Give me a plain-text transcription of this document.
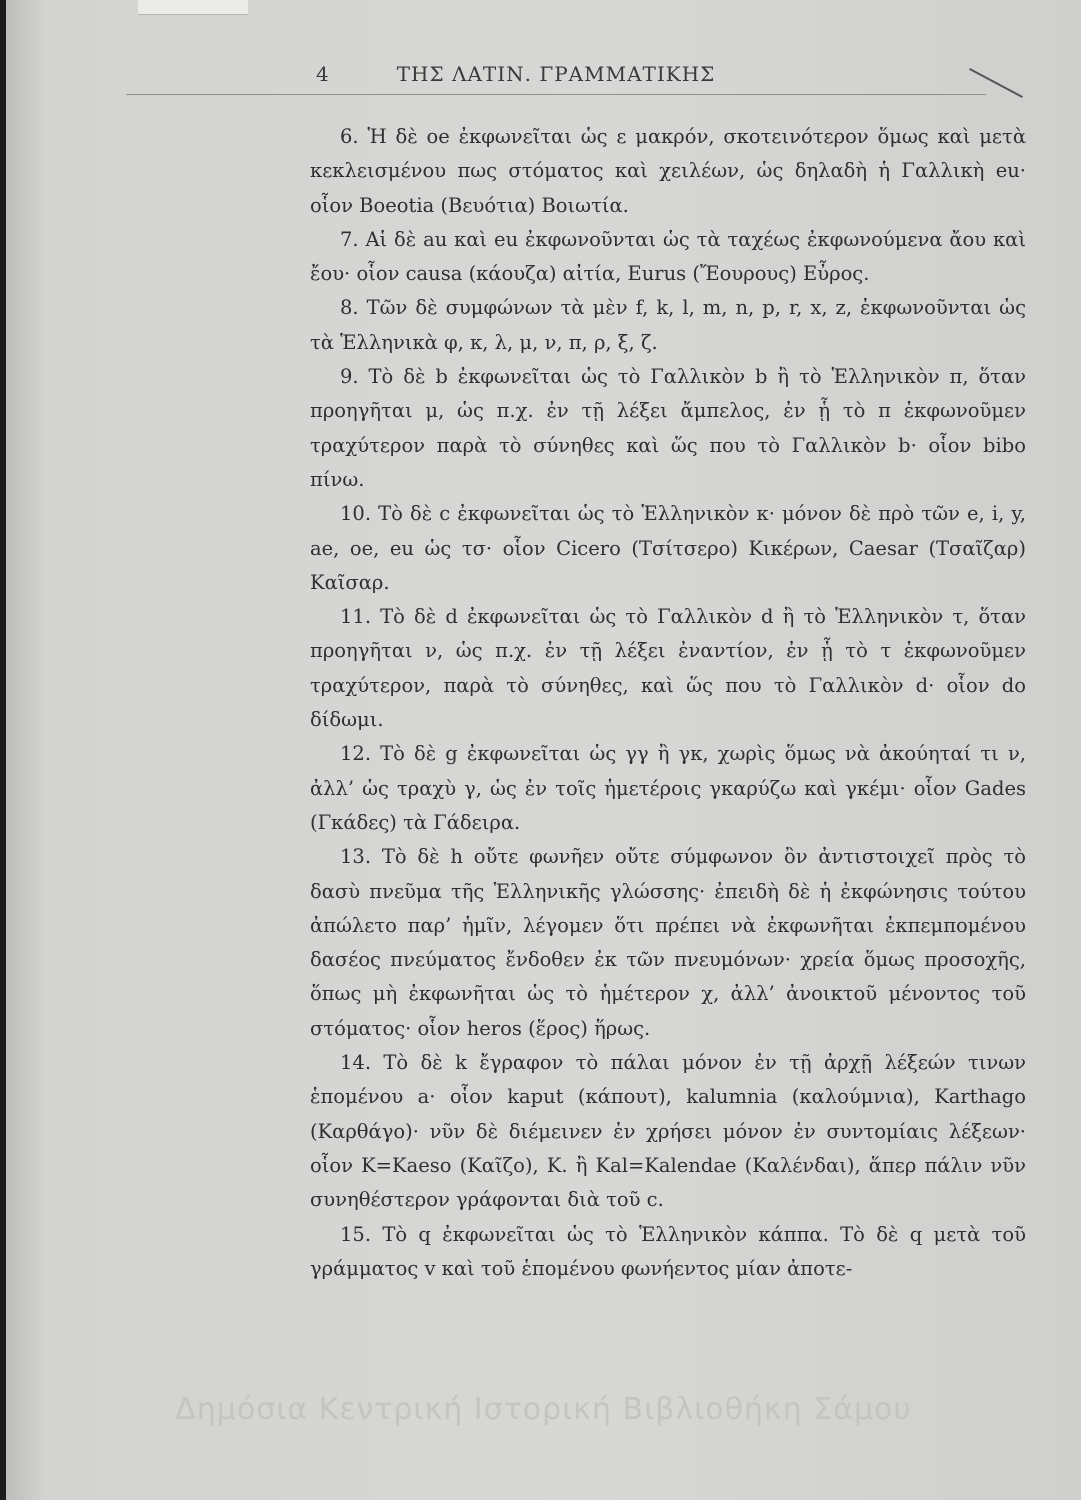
4	ΤΗΣ ΛΑΤΙΝ. ΓΡΑΜΜΑΤΙΚΗΣ

6. Ἡ δὲ oe ἐκφωνεῖται ὡς ε μακρόν, σκοτεινότερον ὅμως καὶ μετὰ κεκλεισμένου πως στόματος καὶ χειλέων, ὡς δηλαδὴ ἡ Γαλλικὴ eu· οἷον Boeotia (Βευότια) Βοιωτία.

7. Αἱ δὲ au καὶ eu ἐκφωνοῦνται ὡς τὰ ταχέως ἐκφωνούμενα ἄου καὶ ἔου· οἷον causa (κάουζα) αἰτία, Eurus (Ἔουρους) Εὖρος.

8. Τῶν δὲ συμφώνων τὰ μὲν f, k, l, m, n, p, r, x, z, ἐκφωνοῦνται ὡς τὰ Ἑλληνικὰ φ, κ, λ, μ, ν, π, ρ, ξ, ζ.

9. Τὸ δὲ b ἐκφωνεῖται ὡς τὸ Γαλλικὸν b ἢ τὸ Ἑλληνικὸν π, ὅταν προηγῆται μ, ὡς π.χ. ἐν τῇ λέξει ἄμπελος, ἐν ᾗ τὸ π ἐκφωνοῦμεν τραχύτερον παρὰ τὸ σύνηθες καὶ ὥς που τὸ Γαλλικὸν b· οἷον bibo πίνω.

10. Τὸ δὲ c ἐκφωνεῖται ὡς τὸ Ἑλληνικὸν κ· μόνον δὲ πρὸ τῶν e, i, y, ae, oe, eu ὡς τσ· οἷον Cicero (Τσίτσερο) Κικέρων, Caesar (Τσαῖζαρ) Καῖσαρ.

11. Τὸ δὲ d ἐκφωνεῖται ὡς τὸ Γαλλικὸν d ἢ τὸ Ἑλληνικὸν τ, ὅταν προηγῆται ν, ὡς π.χ. ἐν τῇ λέξει ἐναντίον, ἐν ᾗ τὸ τ ἐκφωνοῦμεν τραχύτερον, παρὰ τὸ σύνηθες, καὶ ὥς που τὸ Γαλλικὸν d· οἷον do δίδωμι.

12. Τὸ δὲ g ἐκφωνεῖται ὡς γγ ἢ γκ, χωρὶς ὅμως νὰ ἀκούηταί τι ν, ἀλλ’ ὡς τραχὺ γ, ὡς ἐν τοῖς ἡμετέροις γκαρύζω καὶ γκέμι· οἷον Gades (Γκάδες) τὰ Γάδειρα.

13. Τὸ δὲ h οὔτε φωνῆεν οὔτε σύμφωνον ὂν ἀντιστοιχεῖ πρὸς τὸ δασὺ πνεῦμα τῆς Ἑλληνικῆς γλώσσης· ἐπειδὴ δὲ ἡ ἐκφώνησις τούτου ἀπώλετο παρ’ ἡμῖν, λέγομεν ὅτι πρέπει νὰ ἐκφωνῆται ἐκπεμπομένου δασέος πνεύματος ἔνδοθεν ἐκ τῶν πνευμόνων· χρεία ὅμως προσοχῆς, ὅπως μὴ ἐκφωνῆται ὡς τὸ ἡμέτερον χ, ἀλλ’ ἀνοικτοῦ μένοντος τοῦ στόματος· οἷον heros (ἕρος) ἥρως.

14. Τὸ δὲ k ἔγραφον τὸ πάλαι μόνον ἐν τῇ ἀρχῇ λέξεών τινων ἑπομένου a· οἷον kaput (κάπουτ), kalumnia (καλούμνια), Karthago (Καρθάγο)· νῦν δὲ διέμεινεν ἐν χρήσει μόνον ἐν συντομίαις λέξεων· οἷον K=Kaeso (Καῖζο), K. ἢ Kal=Kalendae (Καλένδαι), ἅπερ πάλιν νῦν συνηθέστερον γράφονται διὰ τοῦ c.

15. Τὸ q ἐκφωνεῖται ὡς τὸ Ἑλληνικὸν κάππα. Τὸ δὲ q μετὰ τοῦ γράμματος v καὶ τοῦ ἑπομένου φωνήεντος μίαν ἀποτε-

Δημόσια Κεντρική Ιστορική Βιβλιοθήκη Σάμου
